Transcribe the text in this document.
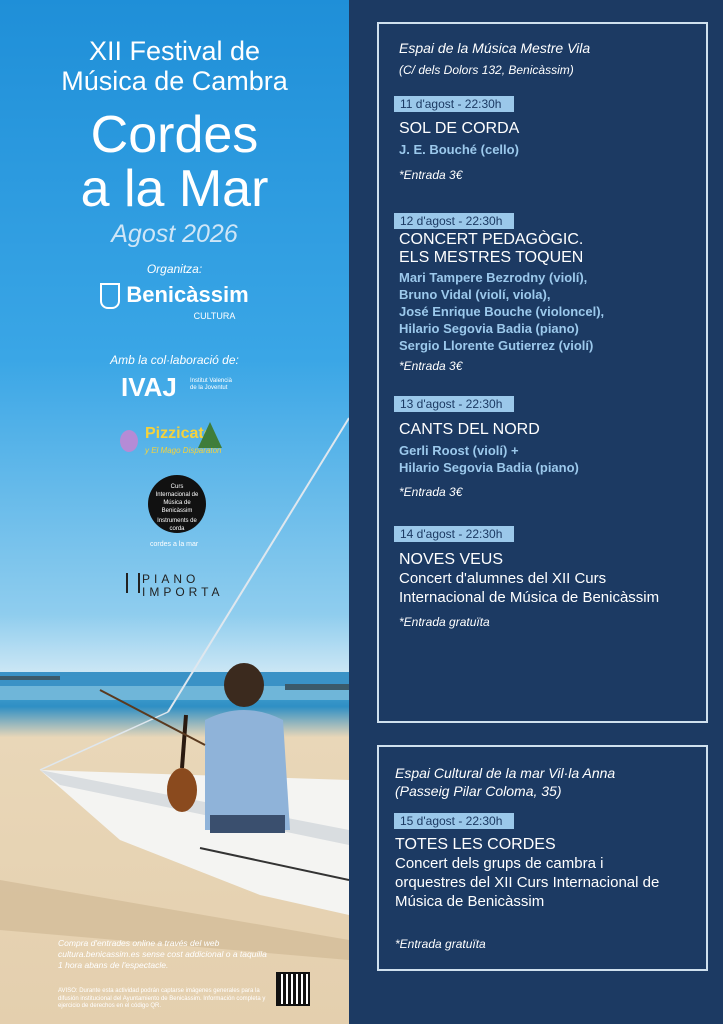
XII Festival de
Música de Cambra
Cordes
a la Mar
Agost 2026
Organitza:
Benicàssim
CULTURA
Amb la col·laboració de:
IVAJ Institut Valencià de la Joventut
Pizzicato
y El Mago Disparatón
Curs Internacional de Música de Benicàssim
Instruments de corda
cordes a la mar
PIANO
IMPORTA
Compra d'entrades online a través del web cultura.benicassim.es sense cost addicional o a taquilla 1 hora abans de l'espectacle.
AVISO: Durante esta actividad podrán captarse imágenes generales para la difusión institucional del Ayuntamiento de Benicàssim. Información completa y ejercicio de derechos en el código QR.
Espai de la Música Mestre Vila
(C/ dels Dolors 132, Benicàssim)
11 d'agost - 22:30h
SOL DE CORDA
J. E. Bouché (cello)
*Entrada 3€
12 d'agost - 22:30h
CONCERT PEDAGÒGIC.
ELS MESTRES TOQUEN
Mari Tampere Bezrodny (violí),
Bruno Vidal (violí, viola),
José Enrique Bouche (violoncel),
Hilario Segovia Badia (piano)
Sergio Llorente Gutierrez (violí)
*Entrada 3€
13 d'agost - 22:30h
CANTS DEL NORD
Gerli Roost (violí) +
Hilario Segovia Badia (piano)
*Entrada 3€
14 d'agost - 22:30h
NOVES VEUS
Concert d'alumnes del XII Curs
Internacional de Música de Benicàssim
*Entrada gratuïta
Espai Cultural de la mar Vil·la Anna
(Passeig Pilar Coloma, 35)
15 d'agost - 22:30h
TOTES LES CORDES
Concert dels grups de cambra i
orquestres del XII Curs Internacional de
Música de Benicàssim
*Entrada gratuïta
